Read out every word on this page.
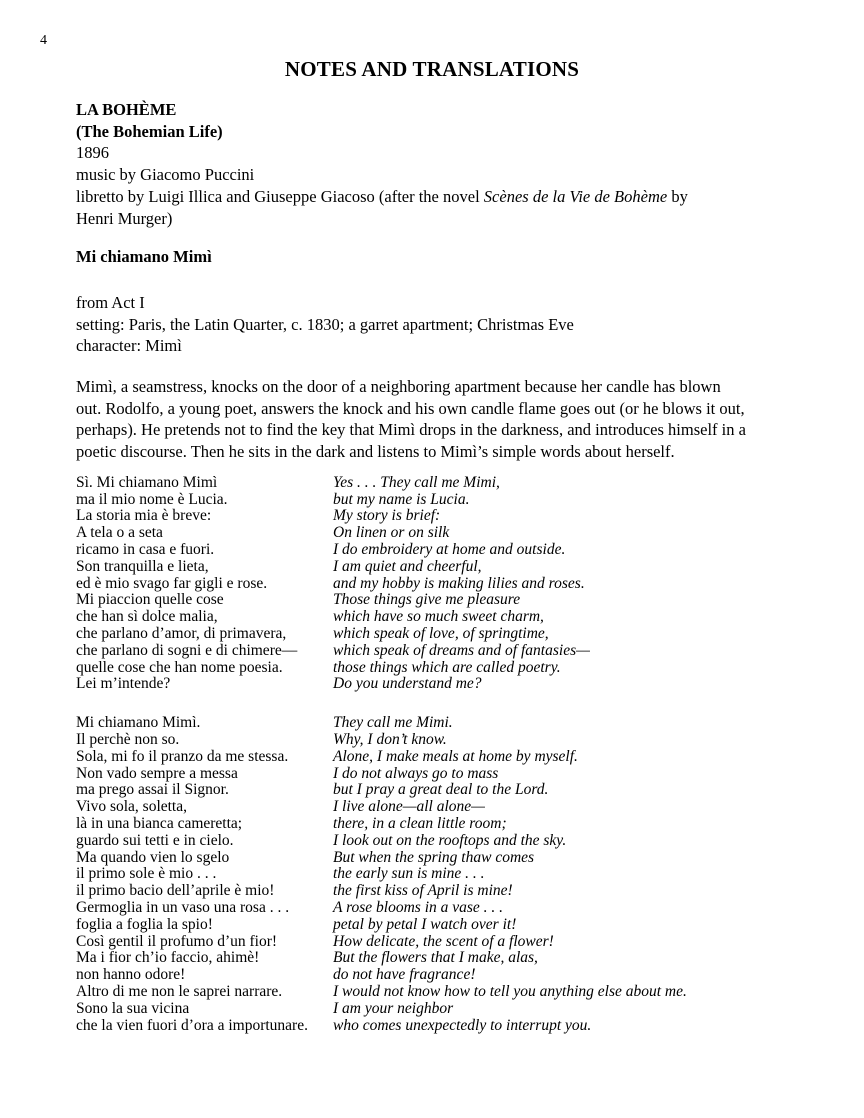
4
NOTES AND TRANSLATIONS
LA BOHÈME
(The Bohemian Life)
1896
music by Giacomo Puccini
libretto by Luigi Illica and Giuseppe Giacoso (after the novel Scènes de la Vie de Bohème by
Henri Murger)
Mi chiamano Mimì
from Act I
setting: Paris, the Latin Quarter, c. 1830; a garret apartment; Christmas Eve
character: Mimì
Mimì, a seamstress, knocks on the door of a neighboring apartment because her candle has blown
out. Rodolfo, a young poet, answers the knock and his own candle flame goes out (or he blows it out,
perhaps). He pretends not to find the key that Mimì drops in the darkness, and introduces himself in a
poetic discourse. Then he sits in the dark and listens to Mimì’s simple words about herself.
Sì. Mi chiamano Mimì
ma il mio nome è Lucia.
La storia mia è breve:
A tela o a seta
ricamo in casa e fuori.
Son tranquilla e lieta,
ed è mio svago far gigli e rose.
Mi piaccion quelle cose
che han sì dolce malia,
che parlano d’amor, di primavera,
che parlano di sogni e di chimere—
quelle cose che han nome poesia.
Lei m’intende?
Yes . . . They call me Mimi,
but my name is Lucia.
My story is brief:
On linen or on silk
I do embroidery at home and outside.
I am quiet and cheerful,
and my hobby is making lilies and roses.
Those things give me pleasure
which have so much sweet charm,
which speak of love, of springtime,
which speak of dreams and of fantasies—
those things which are called poetry.
Do you understand me?
Mi chiamano Mimì.
Il perchè non so.
Sola, mi fo il pranzo da me stessa.
Non vado sempre a messa
ma prego assai il Signor.
Vivo sola, soletta,
là in una bianca cameretta;
guardo sui tetti e in cielo.
Ma quando vien lo sgelo
il primo sole è mio . . .
il primo bacio dell’aprile è mio!
Germoglia in un vaso una rosa . . .
foglia a foglia la spio!
Così gentil il profumo d’un fior!
Ma i fior ch’io faccio, ahimè!
non hanno odore!
Altro di me non le saprei narrare.
Sono la sua vicina
che la vien fuori d’ora a importunare.
They call me Mimi.
Why, I don’t know.
Alone, I make meals at home by myself.
I do not always go to mass
but I pray a great deal to the Lord.
I live alone—all alone—
there, in a clean little room;
I look out on the rooftops and the sky.
But when the spring thaw comes
the early sun is mine . . .
the first kiss of April is mine!
A rose blooms in a vase . . .
petal by petal I watch over it!
How delicate, the scent of a flower!
But the flowers that I make, alas,
do not have fragrance!
I would not know how to tell you anything else about me.
I am your neighbor
who comes unexpectedly to interrupt you.
